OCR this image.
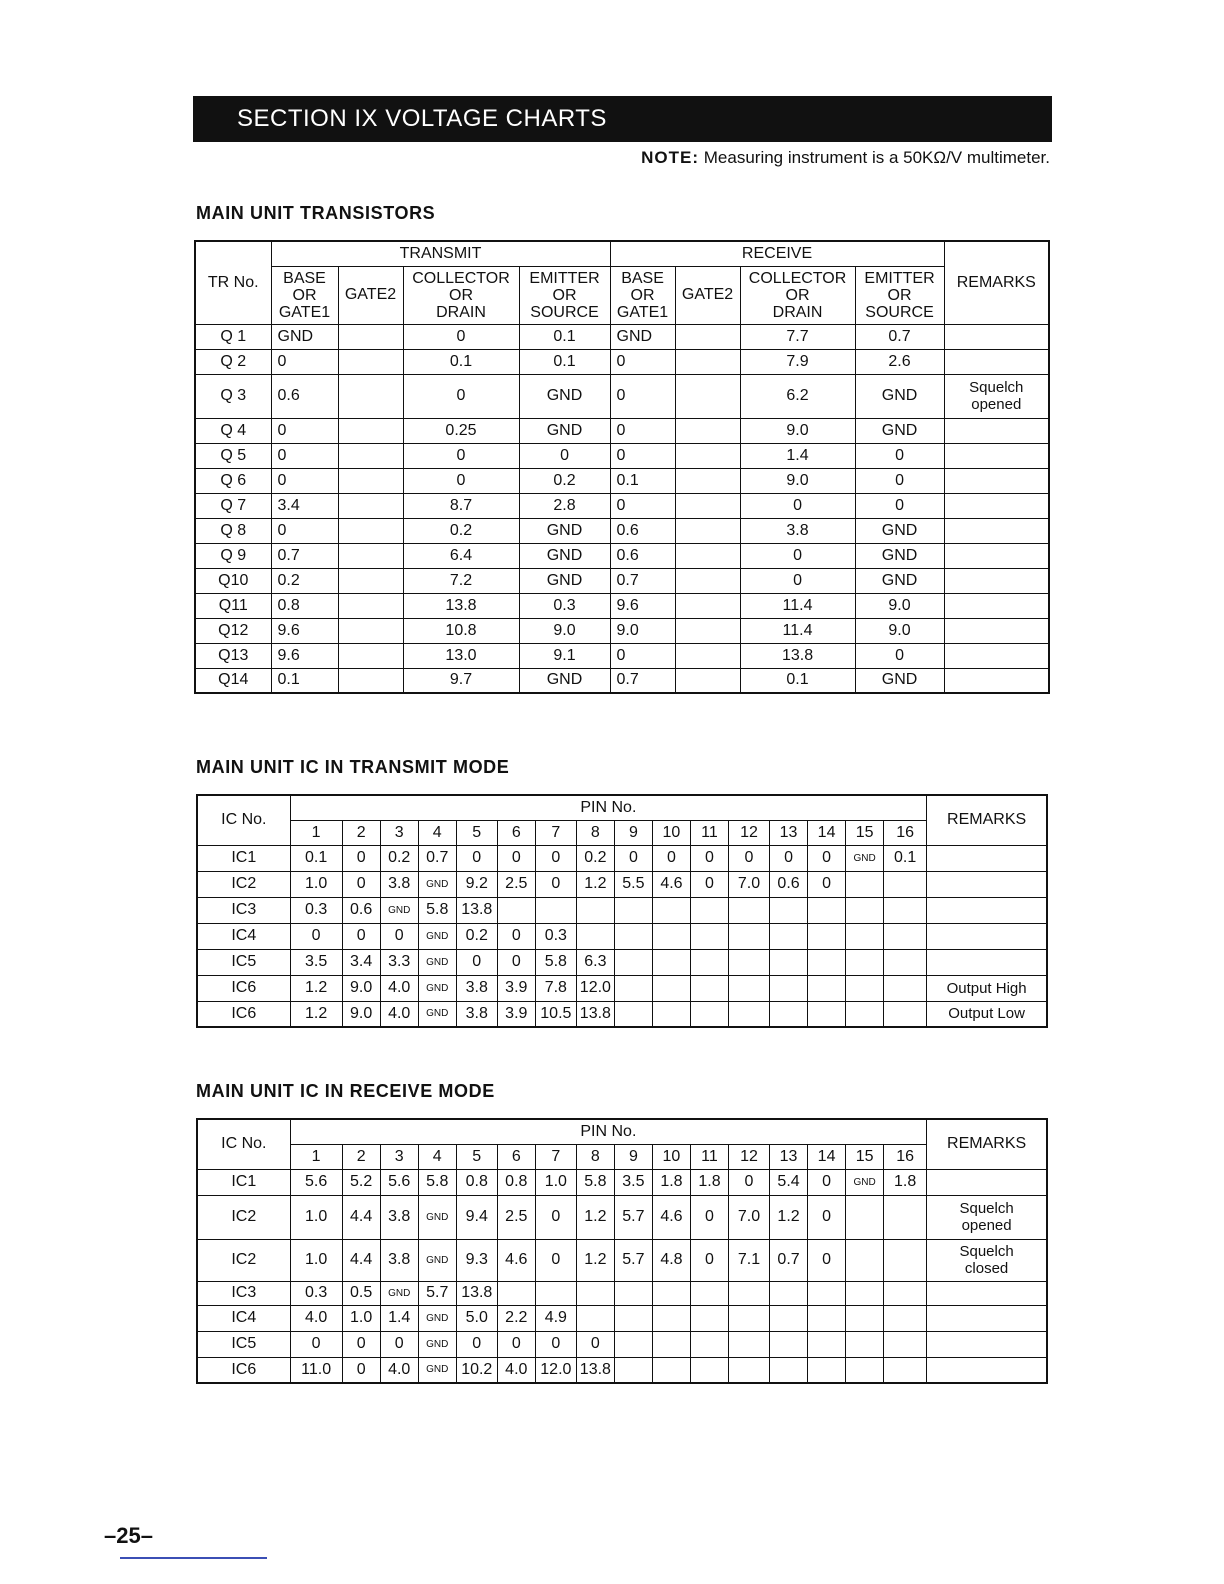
SECTION IX VOLTAGE CHARTS
NOTE: Measuring instrument is a 50KΩ/V multimeter.
MAIN UNIT TRANSISTORS
TR No.	TRANSMIT				RECEIVE				REMARKS
	BASE
OR
GATE1	GATE2	COLLECTOR
OR
DRAIN	EMITTER
OR
SOURCE	BASE
OR
GATE1	GATE2	COLLECTOR
OR
DRAIN	EMITTER
OR
SOURCE	
Q 1	GND		0	0.1	GND		7.7	0.7	
Q 2	0		0.1	0.1	0		7.9	2.6	
Q 3	0.6		0	GND	0		6.2	GND	Squelch
opened
Q 4	0		0.25	GND	0		9.0	GND	
Q 5	0		0	0	0		1.4	0	
Q 6	0		0	0.2	0.1		9.0	0	
Q 7	3.4		8.7	2.8	0		0	0	
Q 8	0		0.2	GND	0.6		3.8	GND	
Q 9	0.7		6.4	GND	0.6		0	GND	
Q10	0.2		7.2	GND	0.7		0	GND	
Q11	0.8		13.8	0.3	9.6		11.4	9.0	
Q12	9.6		10.8	9.0	9.0		11.4	9.0	
Q13	9.6		13.0	9.1	0		13.8	0	
Q14	0.1		9.7	GND	0.7		0.1	GND	
MAIN UNIT IC IN TRANSMIT MODE
IC No.	PIN No.																REMARKS
	1	2	3	4	5	6	7	8	9	10	11	12	13	14	15	16	
IC1	0.1	0	0.2	0.7	0	0	0	0.2	0	0	0	0	0	0	GND	0.1	
IC2	1.0	0	3.8	GND	9.2	2.5	0	1.2	5.5	4.6	0	7.0	0.6	0			
IC3	0.3	0.6	GND	5.8	13.8												
IC4	0	0	0	GND	0.2	0	0.3										
IC5	3.5	3.4	3.3	GND	0	0	5.8	6.3									
IC6	1.2	9.0	4.0	GND	3.8	3.9	7.8	12.0									Output High
IC6	1.2	9.0	4.0	GND	3.8	3.9	10.5	13.8									Output Low
MAIN UNIT IC IN RECEIVE MODE
IC No.	PIN No.																REMARKS
	1	2	3	4	5	6	7	8	9	10	11	12	13	14	15	16	
IC1	5.6	5.2	5.6	5.8	0.8	0.8	1.0	5.8	3.5	1.8	1.8	0	5.4	0	GND	1.8	
IC2	1.0	4.4	3.8	GND	9.4	2.5	0	1.2	5.7	4.6	0	7.0	1.2	0			Squelch
opened
IC2	1.0	4.4	3.8	GND	9.3	4.6	0	1.2	5.7	4.8	0	7.1	0.7	0			Squelch
closed
IC3	0.3	0.5	GND	5.7	13.8												
IC4	4.0	1.0	1.4	GND	5.0	2.2	4.9										
IC5	0	0	0	GND	0	0	0	0									
IC6	11.0	0	4.0	GND	10.2	4.0	12.0	13.8									
–25–
